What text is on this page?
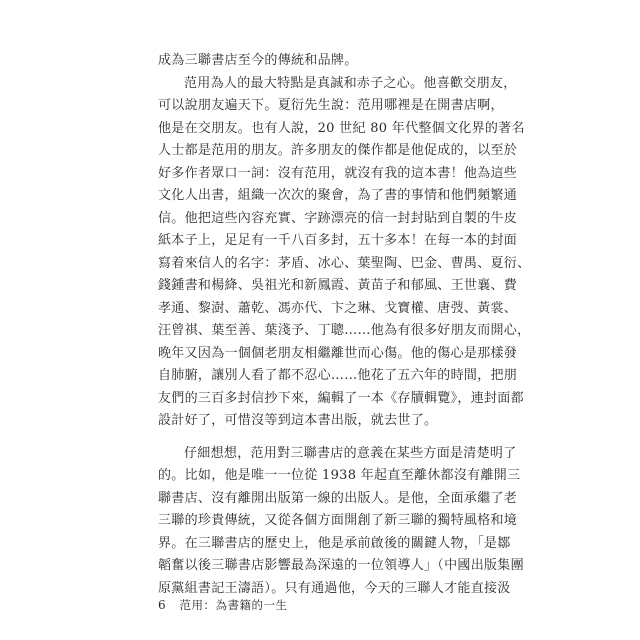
成為三聯書店至今的傳統和品牌。
范用為人的最大特點是真誠和赤子之心。他喜歡交朋友，
可以說朋友遍天下。夏衍先生說：范用哪裡是在開書店啊，
他是在交朋友。也有人說，20 世紀 80 年代整個文化界的著名
人士都是范用的朋友。許多朋友的傑作都是他促成的，以至於
好多作者眾口一詞：沒有范用，就沒有我的這本書！他為這些
文化人出書，組織一次次的聚會，為了書的事情和他們頻繁通
信。他把這些內容充實、字跡漂亮的信一封封貼到自製的牛皮
紙本子上，足足有一千八百多封，五十多本！在每一本的封面
寫着來信人的名字：茅盾、冰心、葉聖陶、巴金、曹禺、夏衍、
錢鍾書和楊絳、吳祖光和新鳳霞、黃苗子和郁風、王世襄、費
孝通、黎澍、蕭乾、馮亦代、卞之琳、戈寶權、唐弢、黃裳、
汪曾祺、葉至善、葉淺予、丁聰……他為有很多好朋友而開心，
晚年又因為一個個老朋友相繼離世而心傷。他的傷心是那樣發
自肺腑，讓別人看了都不忍心……他花了五六年的時間，把朋
友們的三百多封信抄下來，編輯了一本《存牘輯覽》，連封面都
設計好了，可惜沒等到這本書出版，就去世了。
仔細想想，范用對三聯書店的意義在某些方面是清楚明了
的。比如，他是唯一一位從 1938 年起直至離休都沒有離開三
聯書店、沒有離開出版第一線的出版人。是他，全面承繼了老
三聯的珍貴傳統，又從各個方面開創了新三聯的獨特風格和境
界。在三聯書店的歷史上，他是承前啟後的關鍵人物，「是鄒
韜奮以後三聯書店影響最為深遠的一位領導人」（中國出版集團
原黨組書記王濤語）。只有通過他，今天的三聯人才能直接汲
6 范用：為書籍的一生
